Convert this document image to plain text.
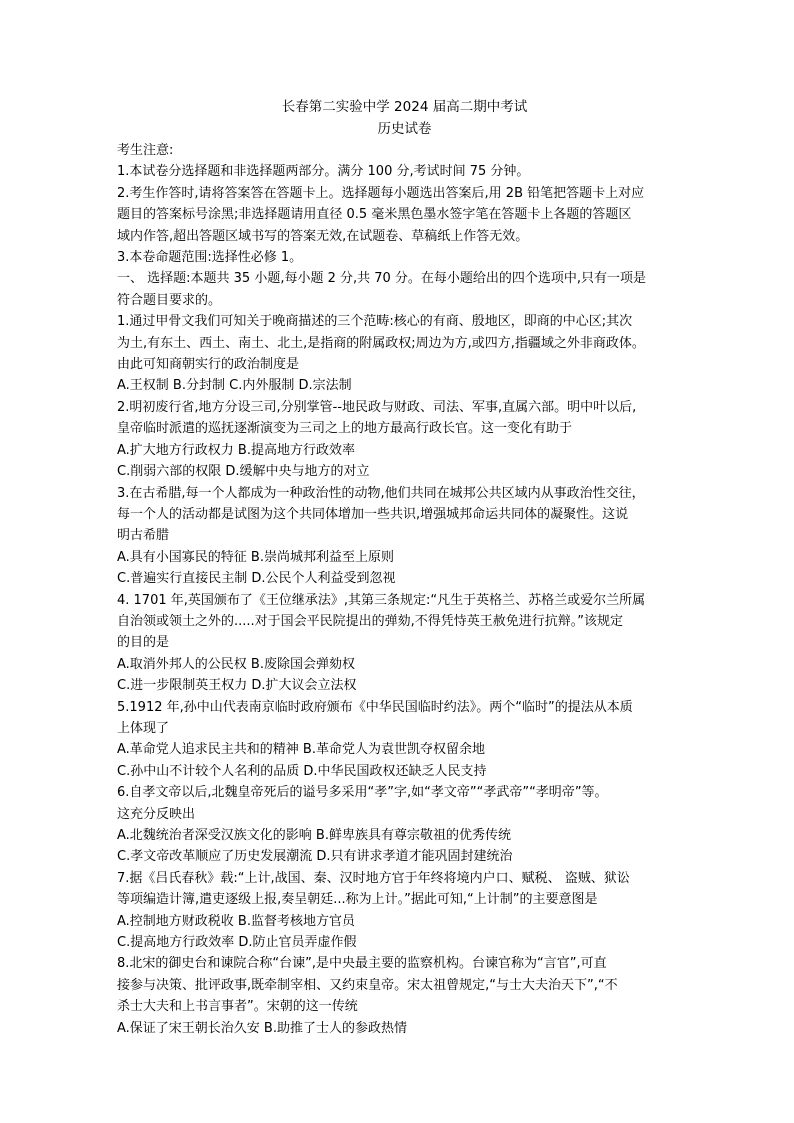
长春第二实验中学 2024 届高二期中考试
历史试卷

考生注意:

1.本试卷分选择题和非选择题两部分。满分 100 分,考试时间 75 分钟。

2.考生作答时,请将答案答在答题卡上。选择题每小题选出答案后,用 2B 铅笔把答题卡上对应

题目的答案标号涂黑;非选择题请用直径 0.5 毫米黑色墨水签字笔在答题卡上各题的答题区

域内作答,超出答题区域书写的答案无效,在试题卷、草稿纸上作答无效。

3.本卷命题范围:选择性必修 1。

一、 选择题:本题共 35 小题,每小题 2 分,共 70 分。在每小题给出的四个选项中,只有一项是

符合题目要求的。

1.通过甲骨文我们可知关于晚商描述的三个范畴:核心的有商、殷地区，即商的中心区;其次

为土,有东土、西土、南土、北土,是指商的附属政权;周边为方,或四方,指疆域之外非商政体。

由此可知商朝实行的政治制度是

A.王权制 B.分封制 C.内外服制 D.宗法制

2.明初废行省,地方分设三司,分别掌管--地民政与财政、司法、军事,直属六部。明中叶以后,

皇帝临时派遣的巡抚逐渐演变为三司之上的地方最高行政长官。这一变化有助于

A.扩大地方行政权力 B.提高地方行政效率

C.削弱六部的权限 D.缓解中央与地方的对立

3.在古希腊,每一个人都成为一种政治性的动物,他们共同在城邦公共区域内从事政治性交往，

每一个人的活动都是试图为这个共同体增加一些共识,增强城邦命运共同体的凝聚性。这说

明古希腊

A.具有小国寡民的特征 B.崇尚城邦利益至上原则

C.普遍实行直接民主制 D.公民个人利益受到忽视

4. 1701 年,英国颁布了《王位继承法》,其第三条规定:“凡生于英格兰、苏格兰或爱尔兰所属

自治领或领土之外的.....对于国会平民院提出的弹劾,不得凭恃英王赦免进行抗辩。”该规定

的目的是

A.取消外邦人的公民权 B.废除国会弹劾权

C.进一步限制英王权力 D.扩大议会立法权

5.1912 年,孙中山代表南京临时政府颁布《中华民国临时约法》。两个“临时”的提法从本质

上体现了

A.革命党人追求民主共和的精神 B.革命党人为袁世凯夺权留余地

C.孙中山不计较个人名利的品质 D.中华民国政权还缺乏人民支持

6.自孝文帝以后,北魏皇帝死后的谥号多采用“孝”字,如“孝文帝”“孝武帝”“孝明帝”等。

这充分反映出

A.北魏统治者深受汉族文化的影响 B.鲜卑族具有尊宗敬祖的优秀传统

C.孝文帝改革顺应了历史发展潮流 D.只有讲求孝道才能巩固封建统治

7.据《吕氏春秋》载:“上计,战国、秦、汉时地方官于年终将境内户口、赋税、 盗贼、狱讼

等项编造计簿,遣吏逐级上报,奏呈朝廷...称为上计。”据此可知,“上计制”的主要意图是

A.控制地方财政税收 B.监督考核地方官员

C.提高地方行政效率 D.防止官员弄虚作假

8.北宋的御史台和谏院合称“台谏”,是中央最主要的监察机构。台谏官称为“言官”,可直

接参与决策、批评政事,既牵制宰相、又约束皇帝。宋太祖曾规定,“与士大夫治天下”,“不

杀士大夫和上书言事者”。宋朝的这一传统

A.保证了宋王朝长治久安 B.助推了士人的参政热情
